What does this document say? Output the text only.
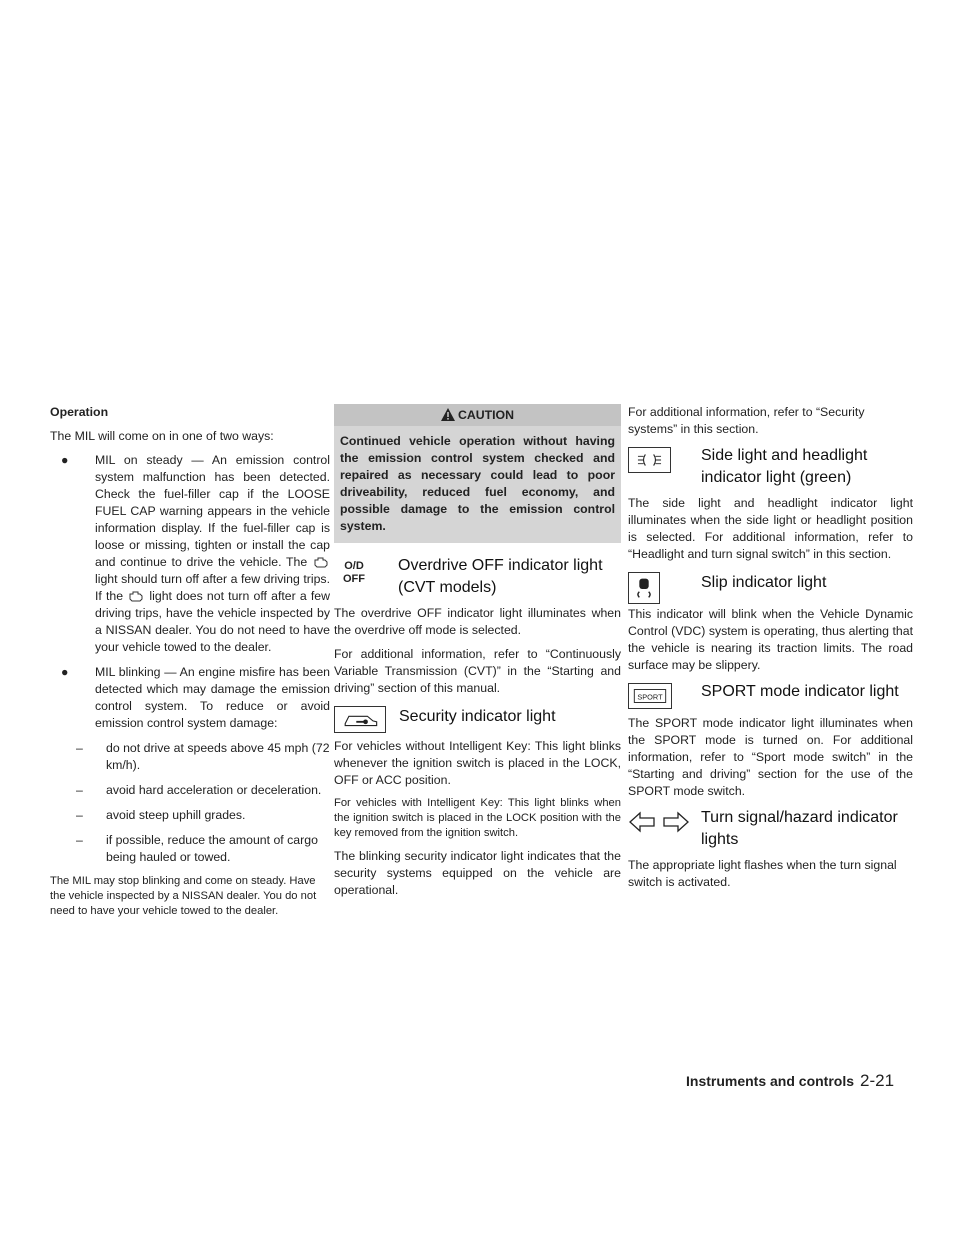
Operation

The MIL will come on in one of two ways:

● MIL on steady — An emission control system malfunction has been detected. Check the fuel-filler cap if the LOOSE FUEL CAP warning appears in the vehicle information display. If the fuel-filler cap is loose or missing, tighten or install the cap and continue to drive the vehicle. The  light should turn off after a few driving trips. If the light does not turn off after a few driving trips, have the vehicle inspected by a NISSAN dealer. You do not need to have your vehicle towed to the dealer.
● MIL blinking — An engine misfire has been detected which may damage the emission control system. To reduce or avoid emission control system damage:
– do not drive at speeds above 45 mph (72 km/h).
– avoid hard acceleration or deceleration.
– avoid steep uphill grades.
– if possible, reduce the amount of cargo being hauled or towed.

The MIL may stop blinking and come on steady. Have the vehicle inspected by a NISSAN dealer. You do not need to have your vehicle towed to the dealer.

CAUTION
Continued vehicle operation without having the emission control system checked and repaired as necessary could lead to poor driveability, reduced fuel economy, and possible damage to the emission control system.
O/D
OFF
Overdrive OFF indicator light (CVT models)

The overdrive OFF indicator light illuminates when the overdrive off mode is selected.

For additional information, refer to “Continuously Variable Transmission (CVT)” in the “Starting and driving” section of this manual.

Security indicator light

For vehicles without Intelligent Key: This light blinks whenever the ignition switch is placed in the LOCK, OFF or ACC position.

For vehicles with Intelligent Key: This light blinks when the ignition switch is placed in the LOCK position with the key removed from the ignition switch.

The blinking security indicator light indicates that the security systems equipped on the vehicle are operational.

For additional information, refer to “Security systems” in this section.

Side light and headlight indicator light (green)

The side light and headlight indicator light illuminates when the side light or headlight position is selected. For additional information, refer to “Headlight and turn signal switch” in this section.

Slip indicator light

This indicator will blink when the Vehicle Dynamic Control (VDC) system is operating, thus alerting that the vehicle is nearing its traction limits. The road surface may be slippery.

SPORT	SPORT mode indicator light

The SPORT mode indicator light illuminates when the SPORT mode is turned on. For additional information, refer to “Sport mode switch” in the “Starting and driving” section for the use of the SPORT mode switch.

Turn signal/hazard indicator lights

The appropriate light flashes when the turn signal switch is activated.

Instruments and controls 2-21
